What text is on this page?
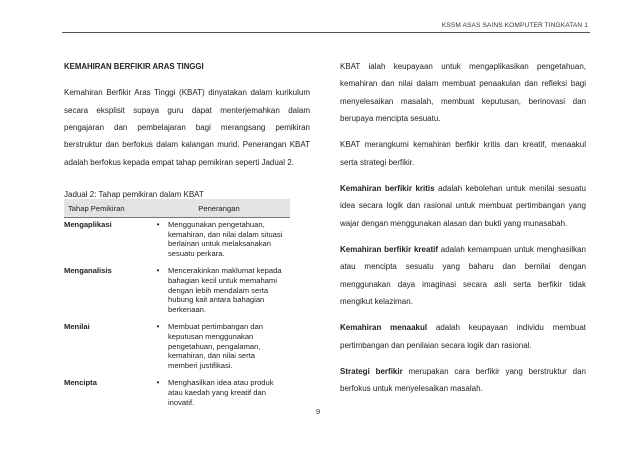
KSSM ASAS SAINS KOMPUTER TINGKATAN 1
KEMAHIRAN BERFIKIR ARAS TINGGI

Kemahiran Berfikir Aras Tinggi (KBAT) dinyatakan dalam kurikulum secara eksplisit supaya guru dapat menterjemahkan dalam pengajaran dan pembelajaran bagi merangsang pemikiran berstruktur dan berfokus dalam kalangan murid. Penerangan KBAT adalah berfokus kepada empat tahap pemikiran seperti Jadual 2.

Jadual 2: Tahap pemikiran dalam KBAT
Tahap Pemikiran	Penerangan
Mengaplikasi	• Menggunakan pengetahuan, kemahiran, dan nilai dalam situasi berlainan untuk melaksanakan sesuatu perkara.

Menganalisis	• Mencerakinkan maklumat kepada bahagian kecil untuk memahami dengan lebih mendalam serta hubung kait antara bahagian berkenaan.

Menilai	• Membuat pertimbangan dan keputusan menggunakan pengetahuan, pengalaman, kemahiran, dan nilai serta memberi justifikasi.

Mencipta	• Menghasilkan idea atau produk atau kaedah yang kreatif dan inovatif.

KBAT ialah keupayaan untuk mengaplikasikan pengetahuan, kemahiran dan nilai dalam membuat penaakulan dan refleksi bagi menyelesaikan masalah, membuat keputusan, berinovasi dan berupaya mencipta sesuatu.

KBAT merangkumi kemahiran berfikir kritis dan kreatif, menaakul serta strategi berfikir.

Kemahiran berfikir kritis adalah kebolehan untuk menilai sesuatu idea secara logik dan rasional untuk membuat pertimbangan yang wajar dengan menggunakan alasan dan bukti yang munasabah.

Kemahiran berfikir kreatif adalah kemampuan untuk menghasilkan atau mencipta sesuatu yang baharu dan bernilai dengan menggunakan daya imaginasi secara asli serta berfikir tidak mengikut kelaziman.

Kemahiran menaakul adalah keupayaan individu membuat pertimbangan dan penilaian secara logik dan rasional.

Strategi berfikir merupakan cara berfikir yang berstruktur dan berfokus untuk menyelesaikan masalah.

9
